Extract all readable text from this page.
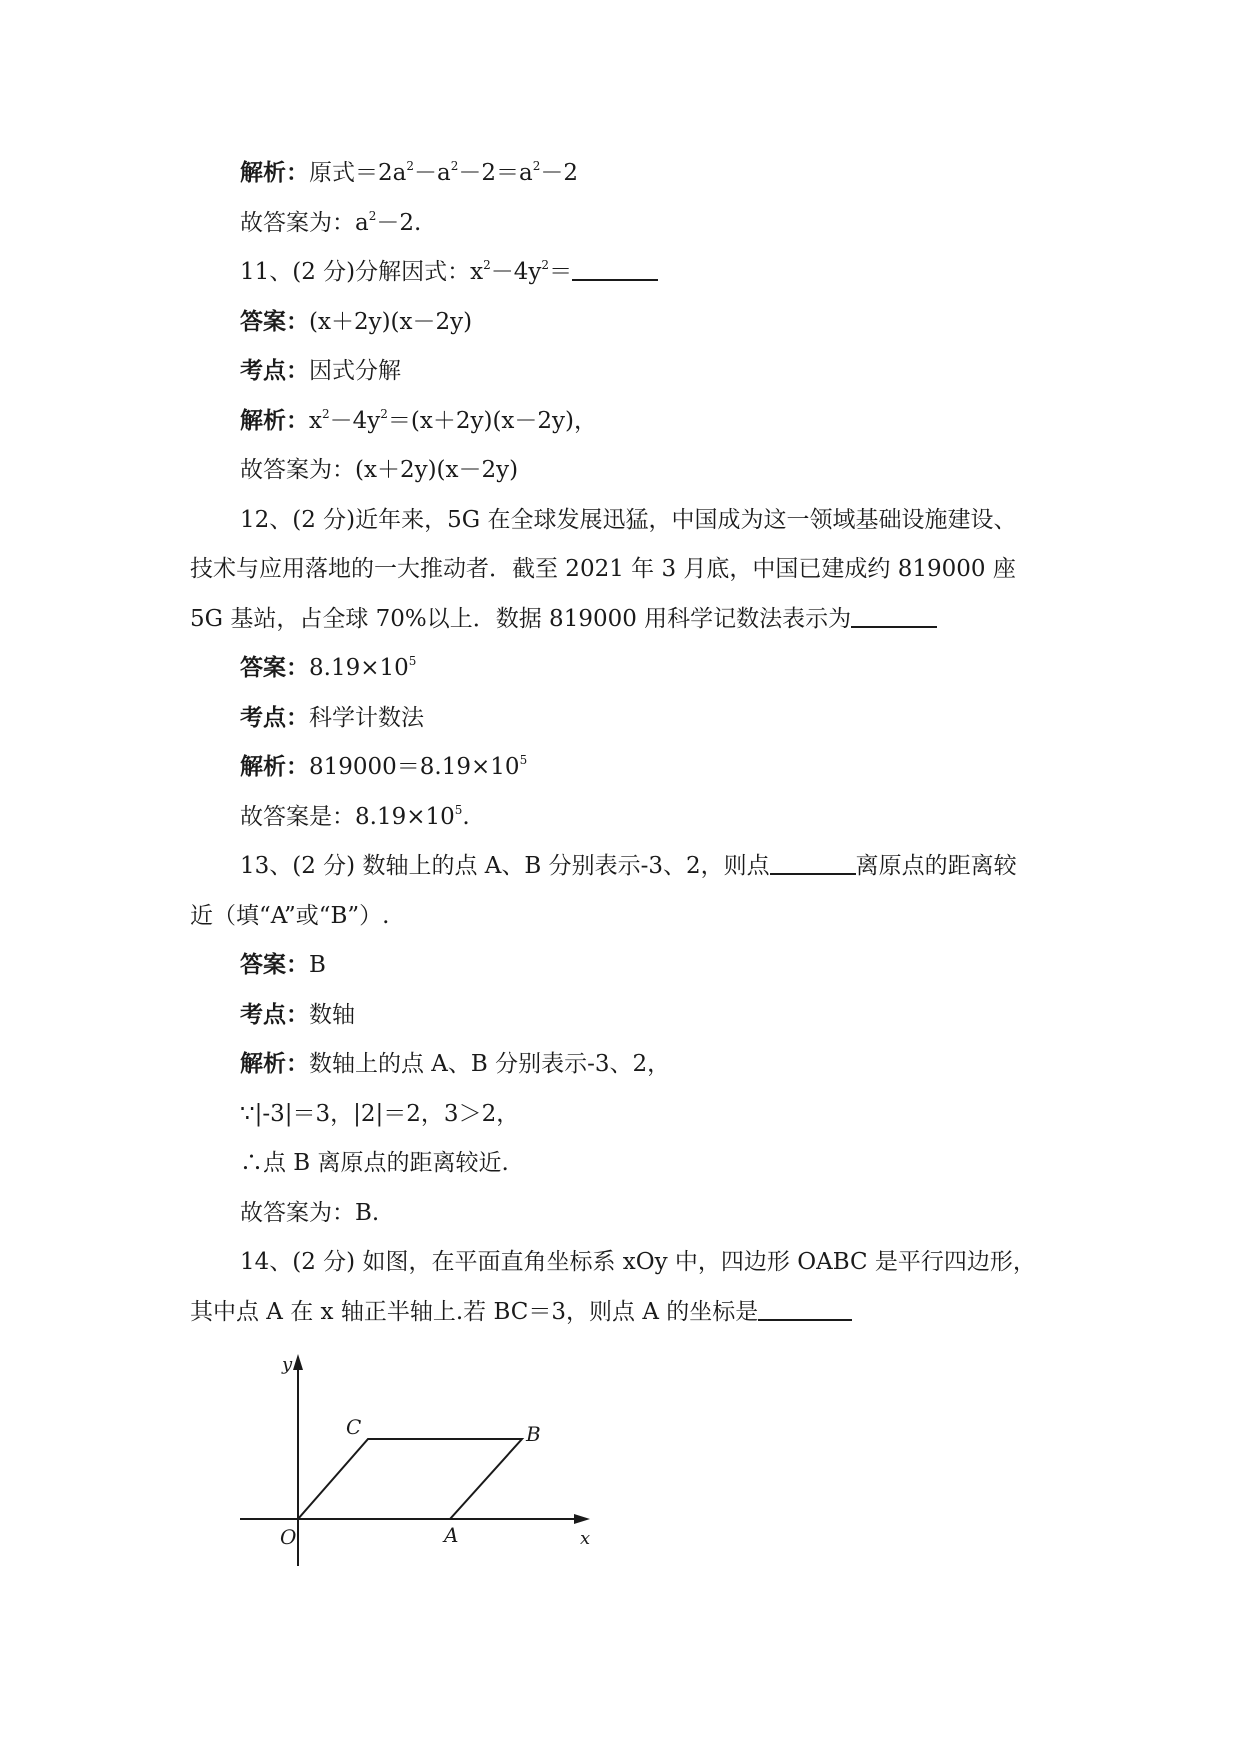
解析：原式$=2a^2-a^2-2=a^2-2$
故答案为：$a^2-2$.
11、(2 分)分解因式：$x^2-4y^2=$
答案：(x＋2y)(x－2y)
考点：因式分解
解析：$x^2-4y^2=(x+2y)(x-2y)$，
故答案为：(x＋2y)(x－2y)
12、(2 分)近年来，5G 在全球发展迅猛，中国成为这一领域基础设施建设、
技术与应用落地的一大推动者．截至 2021 年 3 月底，中国已建成约 819000 座
5G 基站，占全球 70%以上．数据 819000 用科学记数法表示为
答案：$8.19\times 10^5$
考点：科学计数法
解析：$819000=8.19\times 10^5$
故答案是：$8.19\times 10^5$.
13、(2 分) 数轴上的点 A、B 分别表示-3、2，则点	离原点的距离较
近（填“A”或“B”）.
答案：B
考点：数轴
解析：数轴上的点 A、B 分别表示-3、2，
∵|-3|＝3，|2|＝2，3＞2，
∴点 B 离原点的距离较近.
故答案为：B.
14、(2 分) 如图，在平面直角坐标系 xOy 中，四边形 OABC 是平行四边形，
其中点 A 在 x 轴正半轴上.若 BC＝3，则点 A 的坐标是
y
x
O	A
B
C
